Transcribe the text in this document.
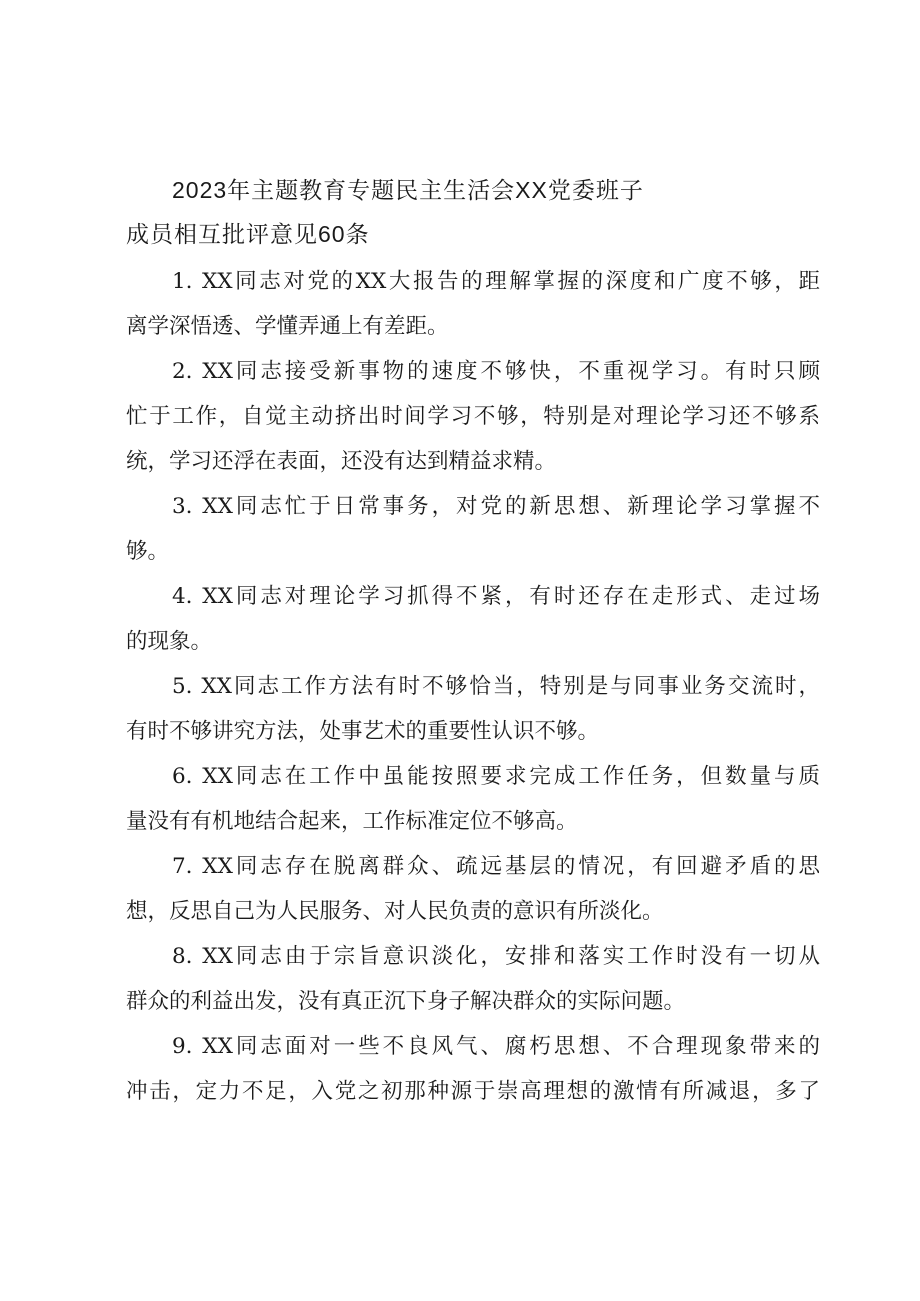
2023年主题教育专题民主生活会XX党委班子
成员相互批评意见60条
1. XX同志对党的XX大报告的理解掌握的深度和广度不够，距
离学深悟透、学懂弄通上有差距。
2. XX同志接受新事物的速度不够快，不重视学习。有时只顾
忙于工作，自觉主动挤出时间学习不够，特别是对理论学习还不够系
统，学习还浮在表面，还没有达到精益求精。
3. XX同志忙于日常事务，对党的新思想、新理论学习掌握不
够。
4. XX同志对理论学习抓得不紧，有时还存在走形式、走过场
的现象。
5. XX同志工作方法有时不够恰当，特别是与同事业务交流时，
有时不够讲究方法，处事艺术的重要性认识不够。
6. XX同志在工作中虽能按照要求完成工作任务，但数量与质
量没有有机地结合起来，工作标准定位不够高。
7. XX同志存在脱离群众、疏远基层的情况，有回避矛盾的思
想，反思自己为人民服务、对人民负责的意识有所淡化。
8. XX同志由于宗旨意识淡化，安排和落实工作时没有一切从
群众的利益出发，没有真正沉下身子解决群众的实际问题。
9. XX同志面对一些不良风气、腐朽思想、不合理现象带来的
冲击，定力不足，入党之初那种源于崇高理想的激情有所减退，多了
